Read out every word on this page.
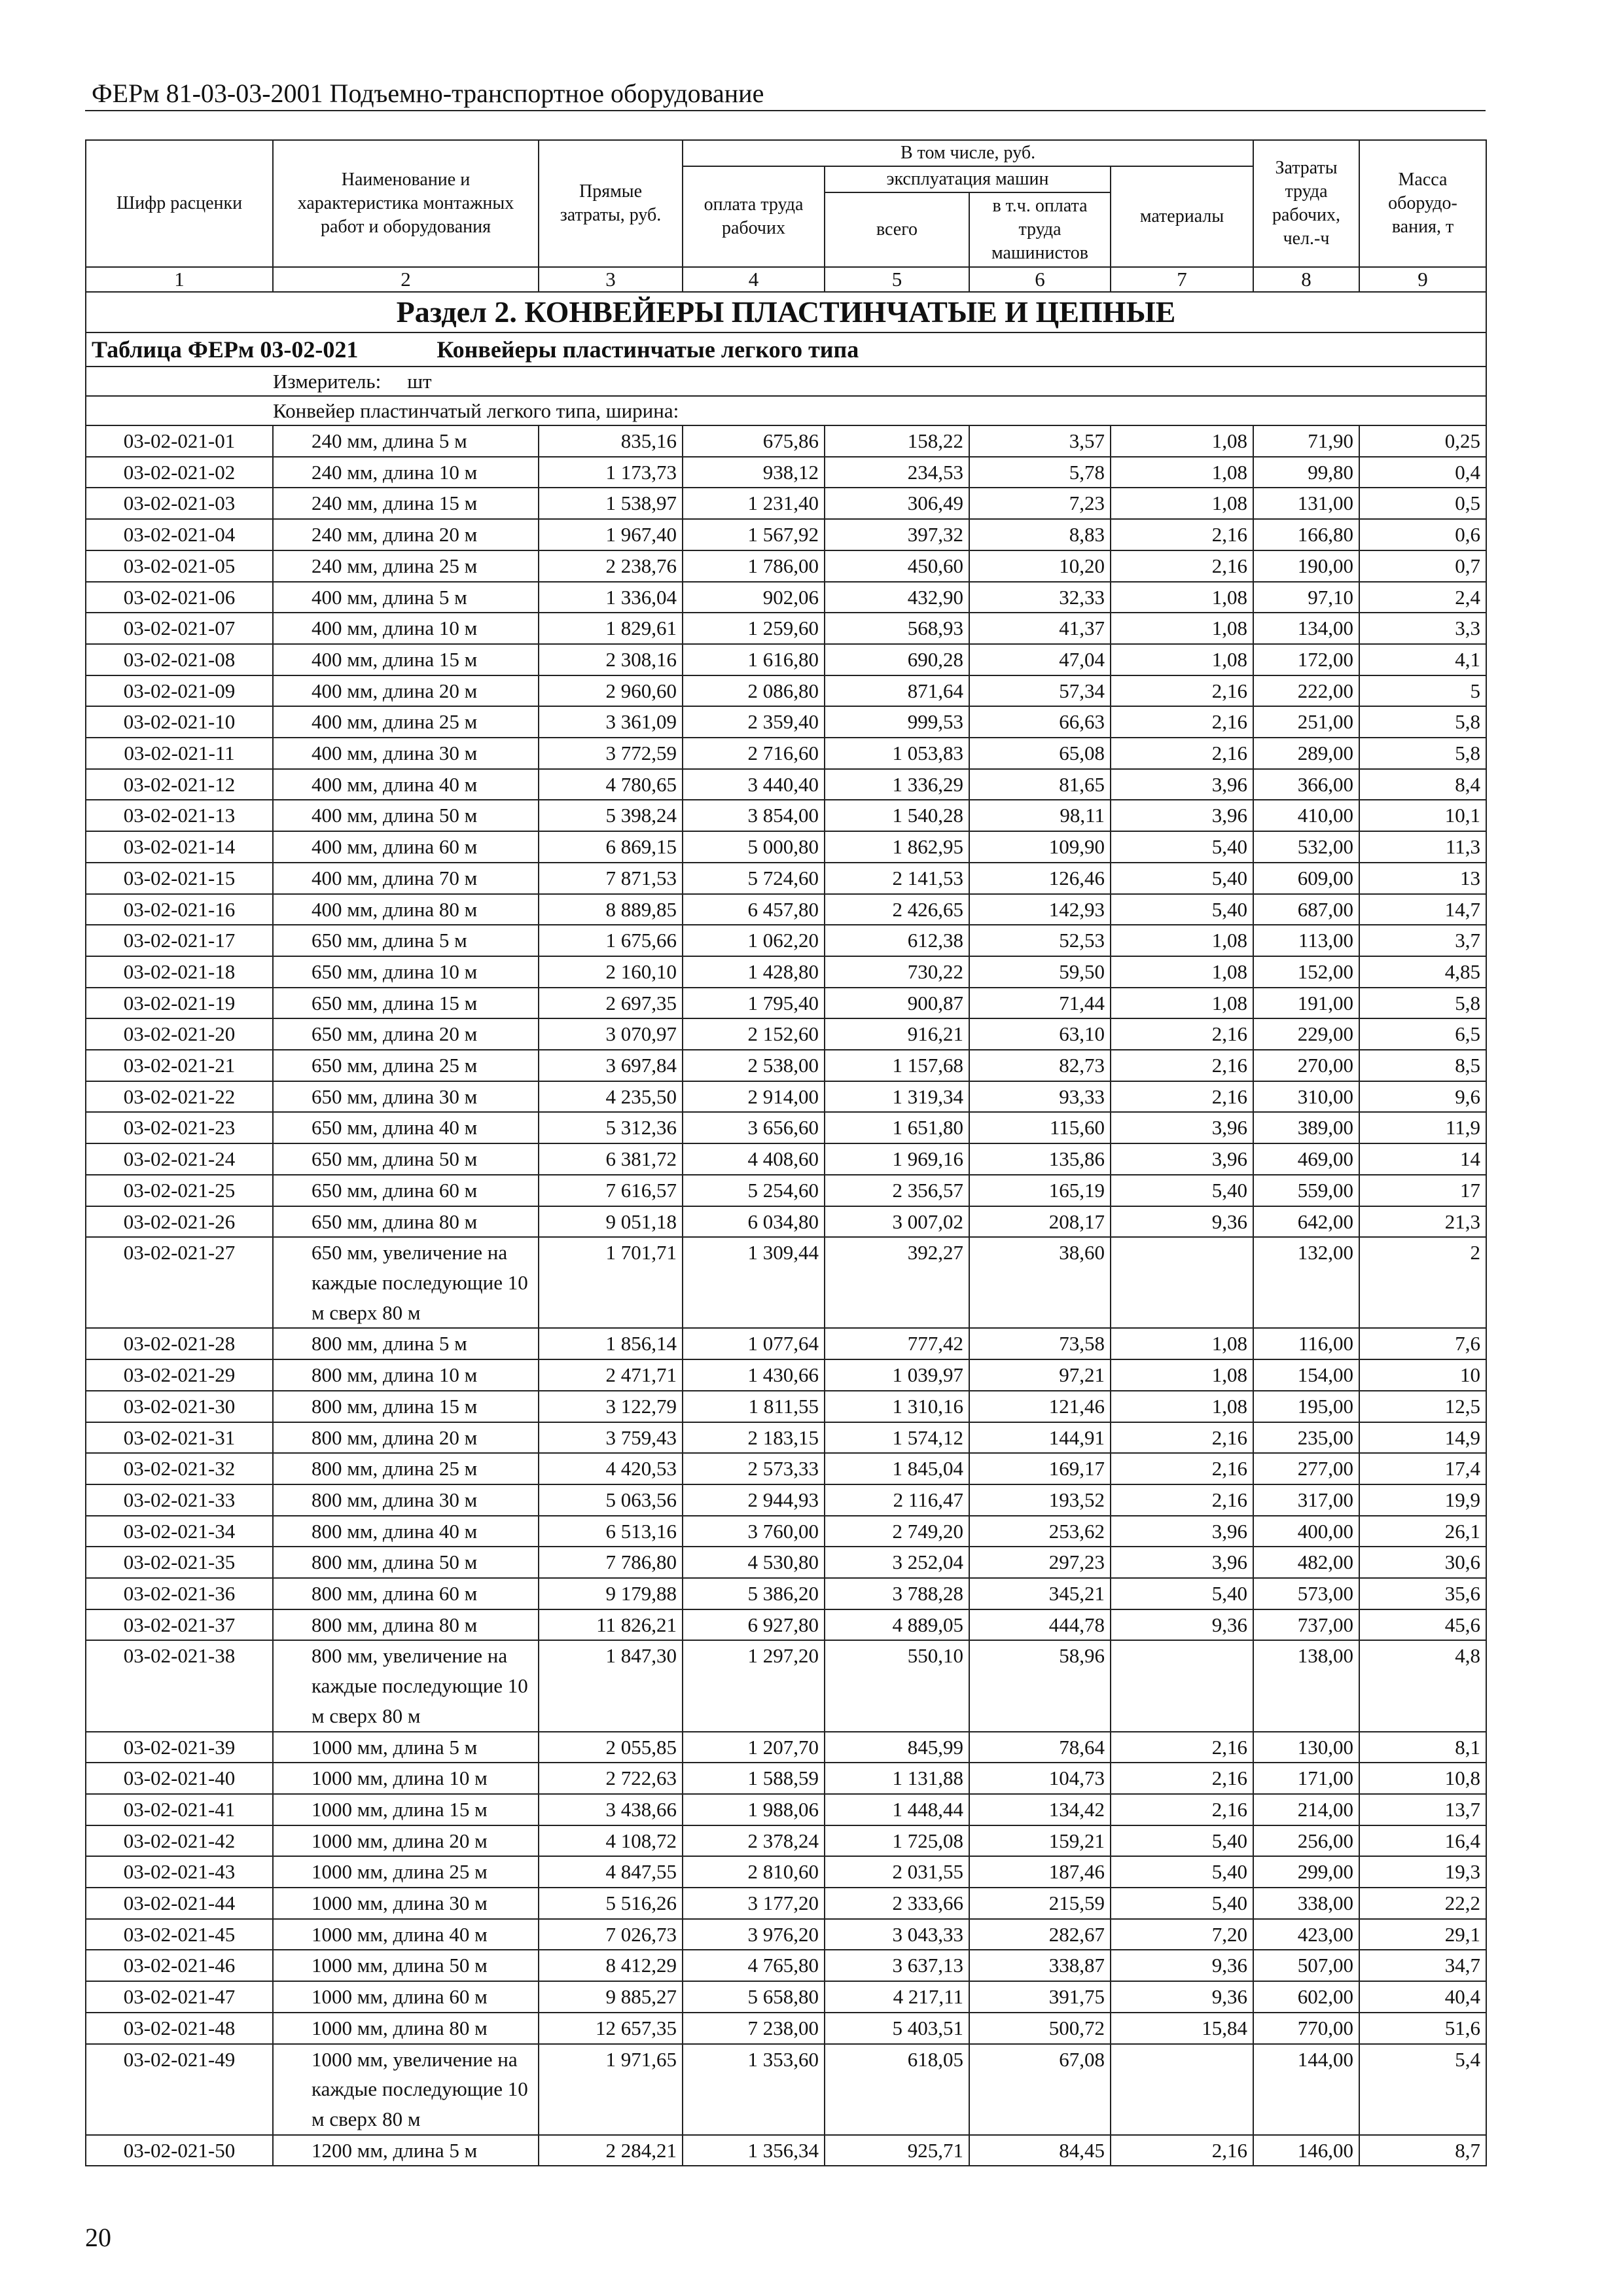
ФЕРм 81-03-03-2001 Подъемно-транспортное оборудование
Шифр расценки	Наименование и характеристика монтажных работ и оборудования	Прямые затраты, руб.	В том числе, руб.				Затраты труда рабочих, чел.-ч	Масса оборудо-вания, т
			оплата труда рабочих	эксплуатация машин		материалы		
				всего	в т.ч. оплата труда машинистов			
1	2	3	4	5	6	7	8	9
Раздел 2. КОНВЕЙЕРЫ ПЛАСТИНЧАТЫЕ И ЦЕПНЫЕ								
Таблица ФЕРм 03-02-021 Конвейеры пластинчатые легкого типа								
	Измеритель: шт							
	Конвейер пластинчатый легкого типа, ширина:							
03-02-021-01	240 мм, длина 5 м	835,16	675,86	158,22	3,57	1,08	71,90	0,25
03-02-021-02	240 мм, длина 10 м	1 173,73	938,12	234,53	5,78	1,08	99,80	0,4
03-02-021-03	240 мм, длина 15 м	1 538,97	1 231,40	306,49	7,23	1,08	131,00	0,5
03-02-021-04	240 мм, длина 20 м	1 967,40	1 567,92	397,32	8,83	2,16	166,80	0,6
03-02-021-05	240 мм, длина 25 м	2 238,76	1 786,00	450,60	10,20	2,16	190,00	0,7
03-02-021-06	400 мм, длина 5 м	1 336,04	902,06	432,90	32,33	1,08	97,10	2,4
03-02-021-07	400 мм, длина 10 м	1 829,61	1 259,60	568,93	41,37	1,08	134,00	3,3
03-02-021-08	400 мм, длина 15 м	2 308,16	1 616,80	690,28	47,04	1,08	172,00	4,1
03-02-021-09	400 мм, длина 20 м	2 960,60	2 086,80	871,64	57,34	2,16	222,00	5
03-02-021-10	400 мм, длина 25 м	3 361,09	2 359,40	999,53	66,63	2,16	251,00	5,8
03-02-021-11	400 мм, длина 30 м	3 772,59	2 716,60	1 053,83	65,08	2,16	289,00	5,8
03-02-021-12	400 мм, длина 40 м	4 780,65	3 440,40	1 336,29	81,65	3,96	366,00	8,4
03-02-021-13	400 мм, длина 50 м	5 398,24	3 854,00	1 540,28	98,11	3,96	410,00	10,1
03-02-021-14	400 мм, длина 60 м	6 869,15	5 000,80	1 862,95	109,90	5,40	532,00	11,3
03-02-021-15	400 мм, длина 70 м	7 871,53	5 724,60	2 141,53	126,46	5,40	609,00	13
03-02-021-16	400 мм, длина 80 м	8 889,85	6 457,80	2 426,65	142,93	5,40	687,00	14,7
03-02-021-17	650 мм, длина 5 м	1 675,66	1 062,20	612,38	52,53	1,08	113,00	3,7
03-02-021-18	650 мм, длина 10 м	2 160,10	1 428,80	730,22	59,50	1,08	152,00	4,85
03-02-021-19	650 мм, длина 15 м	2 697,35	1 795,40	900,87	71,44	1,08	191,00	5,8
03-02-021-20	650 мм, длина 20 м	3 070,97	2 152,60	916,21	63,10	2,16	229,00	6,5
03-02-021-21	650 мм, длина 25 м	3 697,84	2 538,00	1 157,68	82,73	2,16	270,00	8,5
03-02-021-22	650 мм, длина 30 м	4 235,50	2 914,00	1 319,34	93,33	2,16	310,00	9,6
03-02-021-23	650 мм, длина 40 м	5 312,36	3 656,60	1 651,80	115,60	3,96	389,00	11,9
03-02-021-24	650 мм, длина 50 м	6 381,72	4 408,60	1 969,16	135,86	3,96	469,00	14
03-02-021-25	650 мм, длина 60 м	7 616,57	5 254,60	2 356,57	165,19	5,40	559,00	17
03-02-021-26	650 мм, длина 80 м	9 051,18	6 034,80	3 007,02	208,17	9,36	642,00	21,3
03-02-021-27	650 мм, увеличение на каждые последующие 10 м сверх 80 м	1 701,71	1 309,44	392,27	38,60		132,00	2
03-02-021-28	800 мм, длина 5 м	1 856,14	1 077,64	777,42	73,58	1,08	116,00	7,6
03-02-021-29	800 мм, длина 10 м	2 471,71	1 430,66	1 039,97	97,21	1,08	154,00	10
03-02-021-30	800 мм, длина 15 м	3 122,79	1 811,55	1 310,16	121,46	1,08	195,00	12,5
03-02-021-31	800 мм, длина 20 м	3 759,43	2 183,15	1 574,12	144,91	2,16	235,00	14,9
03-02-021-32	800 мм, длина 25 м	4 420,53	2 573,33	1 845,04	169,17	2,16	277,00	17,4
03-02-021-33	800 мм, длина 30 м	5 063,56	2 944,93	2 116,47	193,52	2,16	317,00	19,9
03-02-021-34	800 мм, длина 40 м	6 513,16	3 760,00	2 749,20	253,62	3,96	400,00	26,1
03-02-021-35	800 мм, длина 50 м	7 786,80	4 530,80	3 252,04	297,23	3,96	482,00	30,6
03-02-021-36	800 мм, длина 60 м	9 179,88	5 386,20	3 788,28	345,21	5,40	573,00	35,6
03-02-021-37	800 мм, длина 80 м	11 826,21	6 927,80	4 889,05	444,78	9,36	737,00	45,6
03-02-021-38	800 мм, увеличение на каждые последующие 10 м сверх 80 м	1 847,30	1 297,20	550,10	58,96		138,00	4,8
03-02-021-39	1000 мм, длина 5 м	2 055,85	1 207,70	845,99	78,64	2,16	130,00	8,1
03-02-021-40	1000 мм, длина 10 м	2 722,63	1 588,59	1 131,88	104,73	2,16	171,00	10,8
03-02-021-41	1000 мм, длина 15 м	3 438,66	1 988,06	1 448,44	134,42	2,16	214,00	13,7
03-02-021-42	1000 мм, длина 20 м	4 108,72	2 378,24	1 725,08	159,21	5,40	256,00	16,4
03-02-021-43	1000 мм, длина 25 м	4 847,55	2 810,60	2 031,55	187,46	5,40	299,00	19,3
03-02-021-44	1000 мм, длина 30 м	5 516,26	3 177,20	2 333,66	215,59	5,40	338,00	22,2
03-02-021-45	1000 мм, длина 40 м	7 026,73	3 976,20	3 043,33	282,67	7,20	423,00	29,1
03-02-021-46	1000 мм, длина 50 м	8 412,29	4 765,80	3 637,13	338,87	9,36	507,00	34,7
03-02-021-47	1000 мм, длина 60 м	9 885,27	5 658,80	4 217,11	391,75	9,36	602,00	40,4
03-02-021-48	1000 мм, длина 80 м	12 657,35	7 238,00	5 403,51	500,72	15,84	770,00	51,6
03-02-021-49	1000 мм, увеличение на каждые последующие 10 м сверх 80 м	1 971,65	1 353,60	618,05	67,08		144,00	5,4
03-02-021-50	1200 мм, длина 5 м	2 284,21	1 356,34	925,71	84,45	2,16	146,00	8,7
20
